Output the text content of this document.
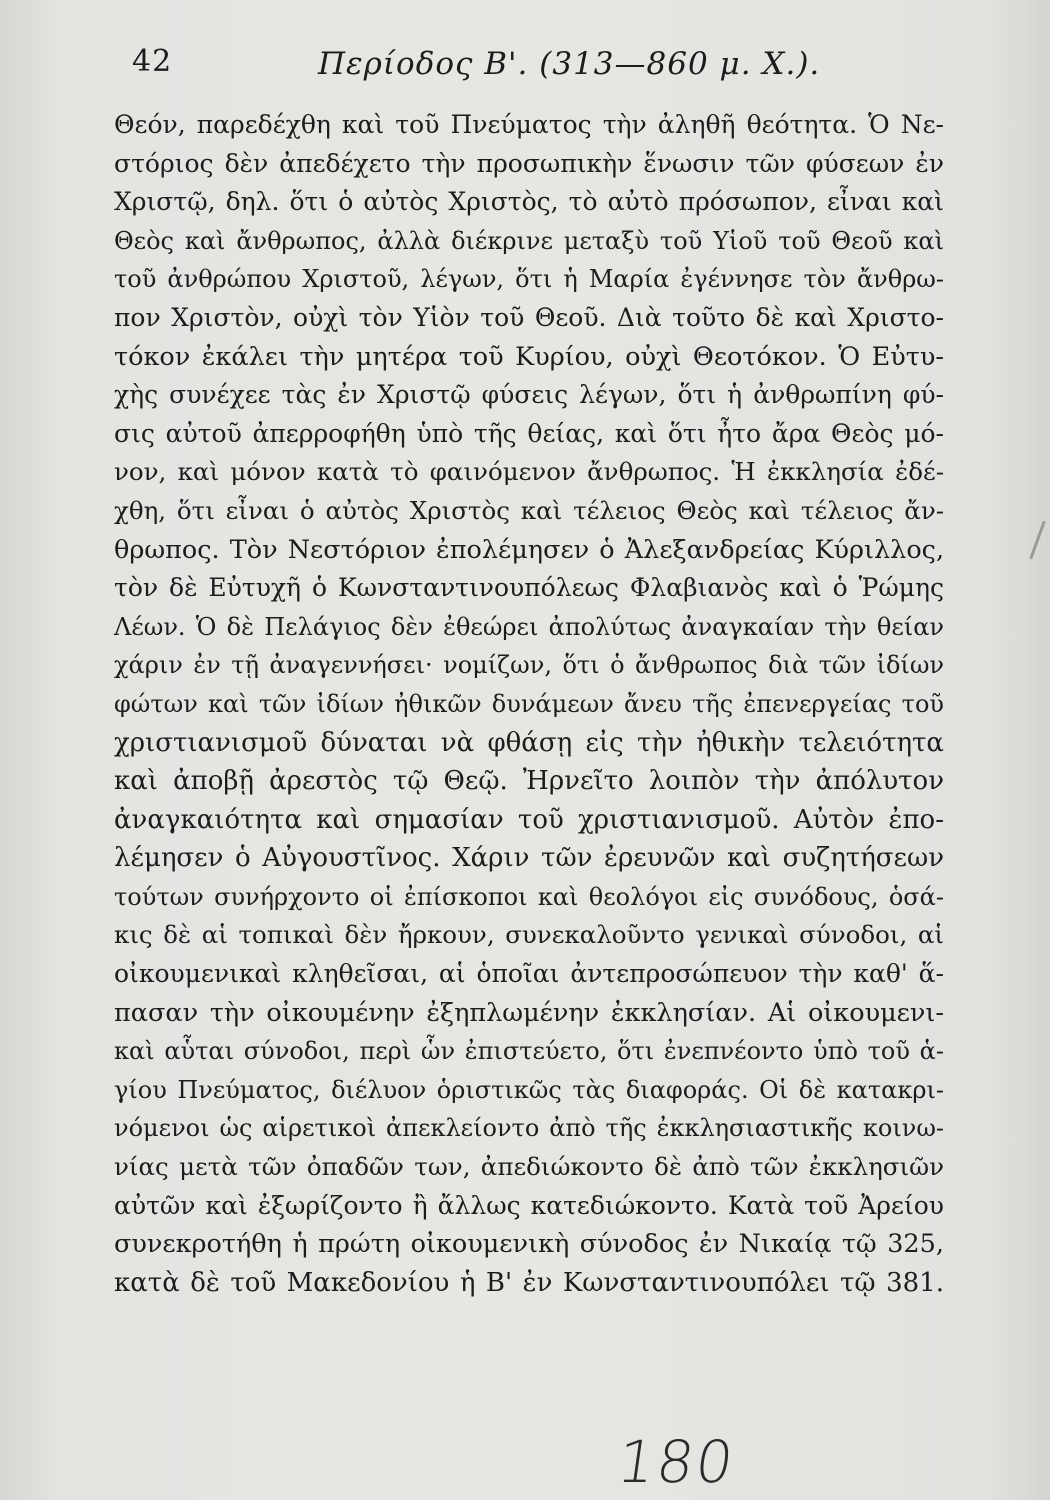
42	Περίοδος Β'. (313—860 μ. Χ.).
Θεόν, παρεδέχθη καὶ τοῦ Πνεύματος τὴν ἀληθῆ θεότητα. Ὁ Νε-
στόριος δὲν ἀπεδέχετο τὴν προσωπικὴν ἕνωσιν τῶν φύσεων ἐν
Χριστῷ, δηλ. ὅτι ὁ αὐτὸς Χριστὸς, τὸ αὐτὸ πρόσωπον, εἶναι καὶ
Θεὸς καὶ ἄνθρωπος, ἀλλὰ διέκρινε μεταξὺ τοῦ Υἱοῦ τοῦ Θεοῦ καὶ
τοῦ ἀνθρώπου Χριστοῦ, λέγων, ὅτι ἡ Μαρία ἐγέννησε τὸν ἄνθρω-
πον Χριστὸν, οὐχὶ τὸν Υἱὸν τοῦ Θεοῦ. Διὰ τοῦτο δὲ καὶ Χριστο-
τόκον ἐκάλει τὴν μητέρα τοῦ Κυρίου, οὐχὶ Θεοτόκον. Ὁ Εὐτυ-
χὴς συνέχεε τὰς ἐν Χριστῷ φύσεις λέγων, ὅτι ἡ ἀνθρωπίνη φύ-
σις αὐτοῦ ἀπερροφήθη ὑπὸ τῆς θείας, καὶ ὅτι ἦτο ἄρα Θεὸς μό-
νον, καὶ μόνον κατὰ τὸ φαινόμενον ἄνθρωπος. Ἡ ἐκκλησία ἐδέ-
χθη, ὅτι εἶναι ὁ αὐτὸς Χριστὸς καὶ τέλειος Θεὸς καὶ τέλειος ἄν-
θρωπος. Τὸν Νεστόριον ἐπολέμησεν ὁ Ἀλεξανδρείας Κύριλλος,
τὸν δὲ Εὐτυχῆ ὁ Κωνσταντινουπόλεως Φλαβιανὸς καὶ ὁ Ῥώμης
Λέων. Ὁ δὲ Πελάγιος δὲν ἐθεώρει ἀπολύτως ἀναγκαίαν τὴν θείαν
χάριν ἐν τῇ ἀναγεννήσει· νομίζων, ὅτι ὁ ἄνθρωπος διὰ τῶν ἰδίων
φώτων καὶ τῶν ἰδίων ἠθικῶν δυνάμεων ἄνευ τῆς ἐπενεργείας τοῦ
χριστιανισμοῦ δύναται νὰ φθάσῃ εἰς τὴν ἠθικὴν τελειότητα
καὶ ἀποβῇ ἀρεστὸς τῷ Θεῷ. Ἠρνεῖτο λοιπὸν τὴν ἀπόλυτον
ἀναγκαιότητα καὶ σημασίαν τοῦ χριστιανισμοῦ. Αὐτὸν ἐπο-
λέμησεν ὁ Αὐγουστῖνος. Χάριν τῶν ἐρευνῶν καὶ συζητήσεων
τούτων συνήρχοντο οἱ ἐπίσκοποι καὶ θεολόγοι εἰς συνόδους, ὁσά-
κις δὲ αἱ τοπικαὶ δὲν ἤρκουν, συνεκαλοῦντο γενικαὶ σύνοδοι, αἱ
οἰκουμενικαὶ κληθεῖσαι, αἱ ὁποῖαι ἀντεπροσώπευον τὴν καθ' ἅ-
πασαν τὴν οἰκουμένην ἐξηπλωμένην ἐκκλησίαν. Αἱ οἰκουμενι-
καὶ αὗται σύνοδοι, περὶ ὧν ἐπιστεύετο, ὅτι ἐνεπνέοντο ὑπὸ τοῦ ἁ-
γίου Πνεύματος, διέλυον ὁριστικῶς τὰς διαφοράς. Οἱ δὲ κατακρι-
νόμενοι ὡς αἱρετικοὶ ἀπεκλείοντο ἀπὸ τῆς ἐκκλησιαστικῆς κοινω-
νίας μετὰ τῶν ὀπαδῶν των, ἀπεδιώκοντο δὲ ἀπὸ τῶν ἐκκλησιῶν
αὐτῶν καὶ ἐξωρίζοντο ἢ ἄλλως κατεδιώκοντο. Κατὰ τοῦ Ἀρείου
συνεκροτήθη ἡ πρώτη οἰκουμενικὴ σύνοδος ἐν Νικαίᾳ τῷ 325,
κατὰ δὲ τοῦ Μακεδονίου ἡ Β' ἐν Κωνσταντινουπόλει τῷ 381.
180
